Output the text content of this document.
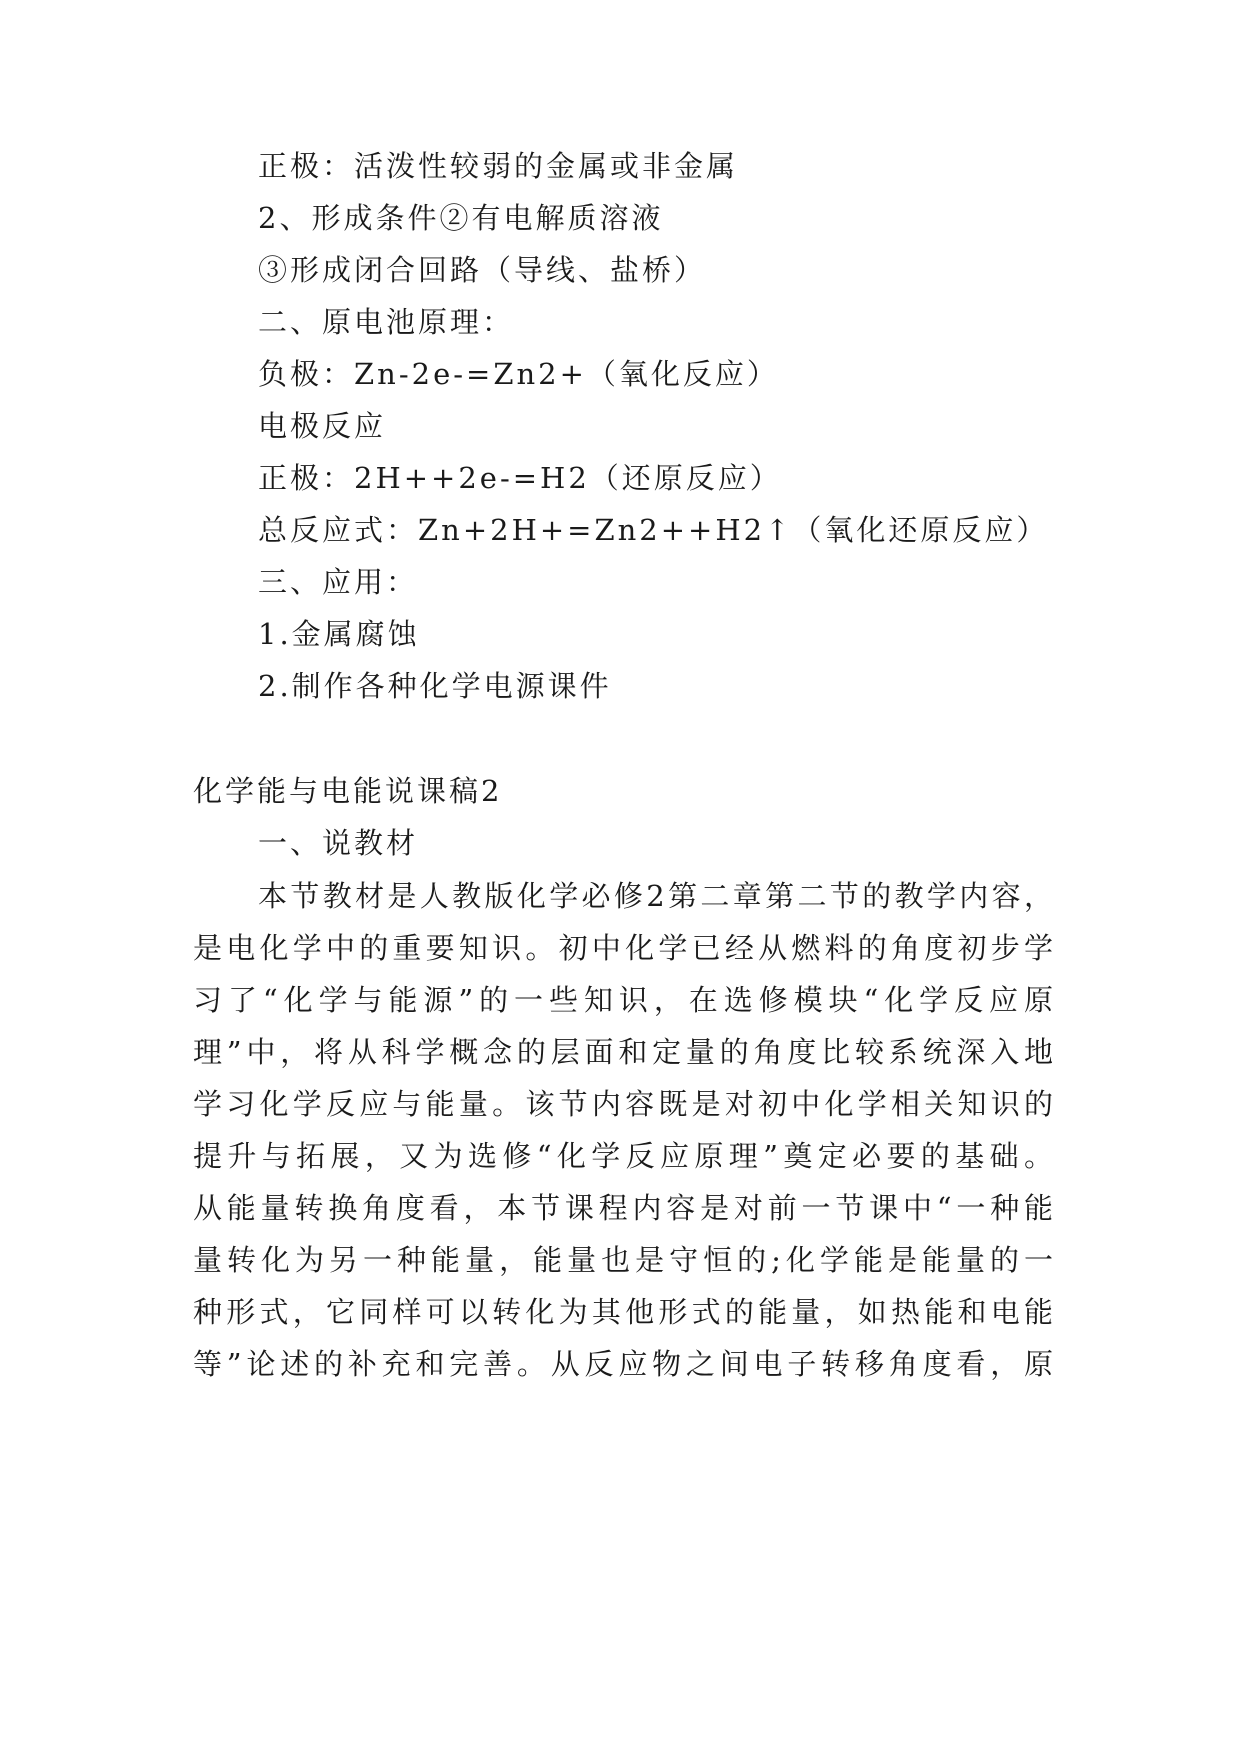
正极：活泼性较弱的金属或非金属
2、形成条件②有电解质溶液
③形成闭合回路（导线、盐桥）
二、原电池原理：
负极：Zn-2e-=Zn2+（氧化反应）
电极反应
正极：2H++2e-=H2（还原反应）
总反应式：Zn+2H+=Zn2++H2↑（氧化还原反应）
三、应用：
1.金属腐蚀
2.制作各种化学电源课件
化学能与电能说课稿2
一、说教材
本节教材是人教版化学必修2第二章第二节的教学内容，
是电化学中的重要知识。初中化学已经从燃料的角度初步学
习了“化学与能源”的一些知识，在选修模块“化学反应原
理”中，将从科学概念的层面和定量的角度比较系统深入地
学习化学反应与能量。该节内容既是对初中化学相关知识的
提升与拓展，又为选修“化学反应原理”奠定必要的基础。
从能量转换角度看，本节课程内容是对前一节课中“一种能
量转化为另一种能量，能量也是守恒的;化学能是能量的一
种形式，它同样可以转化为其他形式的能量，如热能和电能
等”论述的补充和完善。从反应物之间电子转移角度看，原
